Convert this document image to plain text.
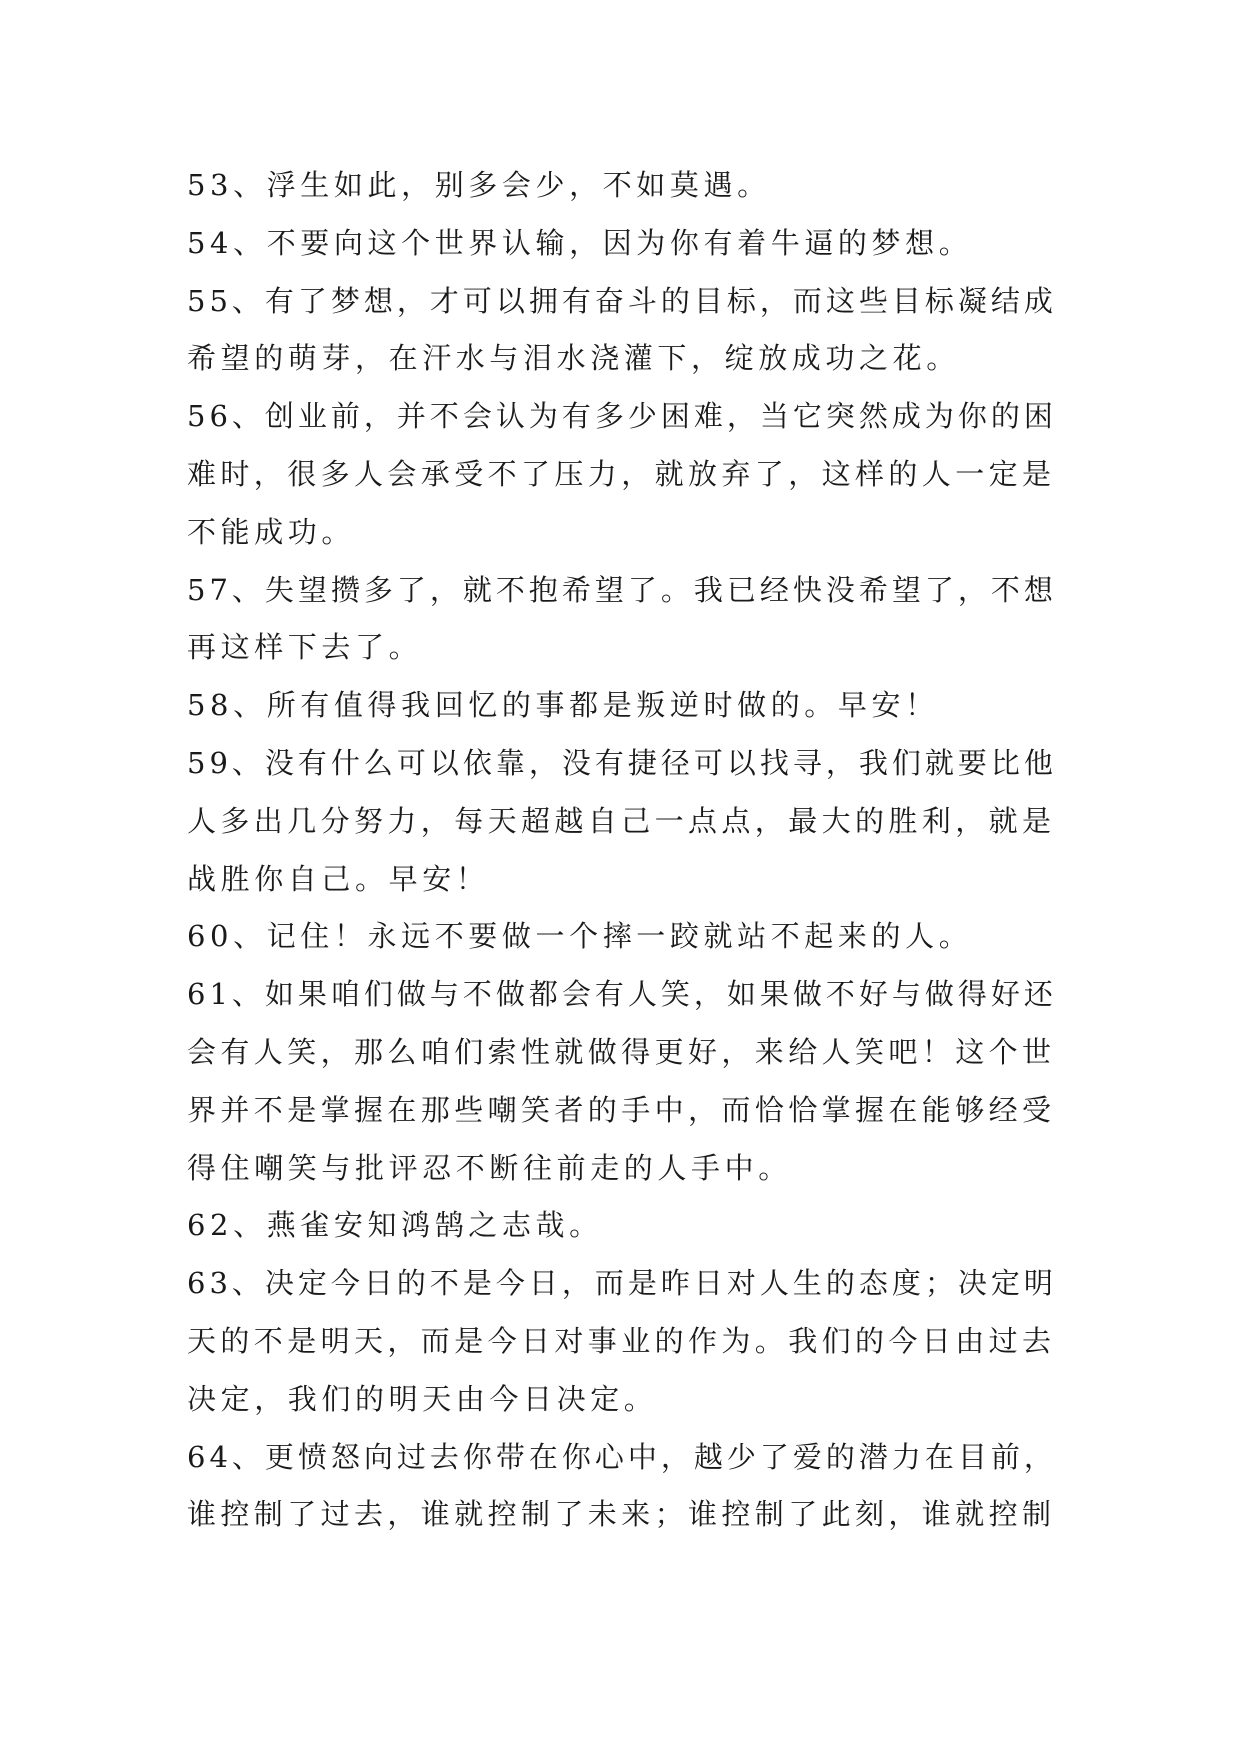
53、浮生如此，别多会少，不如莫遇。
54、不要向这个世界认输，因为你有着牛逼的梦想。
55、有了梦想，才可以拥有奋斗的目标，而这些目标凝结成
希望的萌芽，在汗水与泪水浇灌下，绽放成功之花。
56、创业前，并不会认为有多少困难，当它突然成为你的困
难时，很多人会承受不了压力，就放弃了，这样的人一定是
不能成功。
57、失望攒多了，就不抱希望了。我已经快没希望了，不想
再这样下去了。
58、所有值得我回忆的事都是叛逆时做的。早安！
59、没有什么可以依靠，没有捷径可以找寻，我们就要比他
人多出几分努力，每天超越自己一点点，最大的胜利，就是
战胜你自己。早安！
60、记住！永远不要做一个摔一跤就站不起来的人。
61、如果咱们做与不做都会有人笑，如果做不好与做得好还
会有人笑，那么咱们索性就做得更好，来给人笑吧！这个世
界并不是掌握在那些嘲笑者的手中，而恰恰掌握在能够经受
得住嘲笑与批评忍不断往前走的人手中。
62、燕雀安知鸿鹄之志哉。
63、决定今日的不是今日，而是昨日对人生的态度；决定明
天的不是明天，而是今日对事业的作为。我们的今日由过去
决定，我们的明天由今日决定。
64、更愤怒向过去你带在你心中，越少了爱的潜力在目前，
谁控制了过去，谁就控制了未来；谁控制了此刻，谁就控制
